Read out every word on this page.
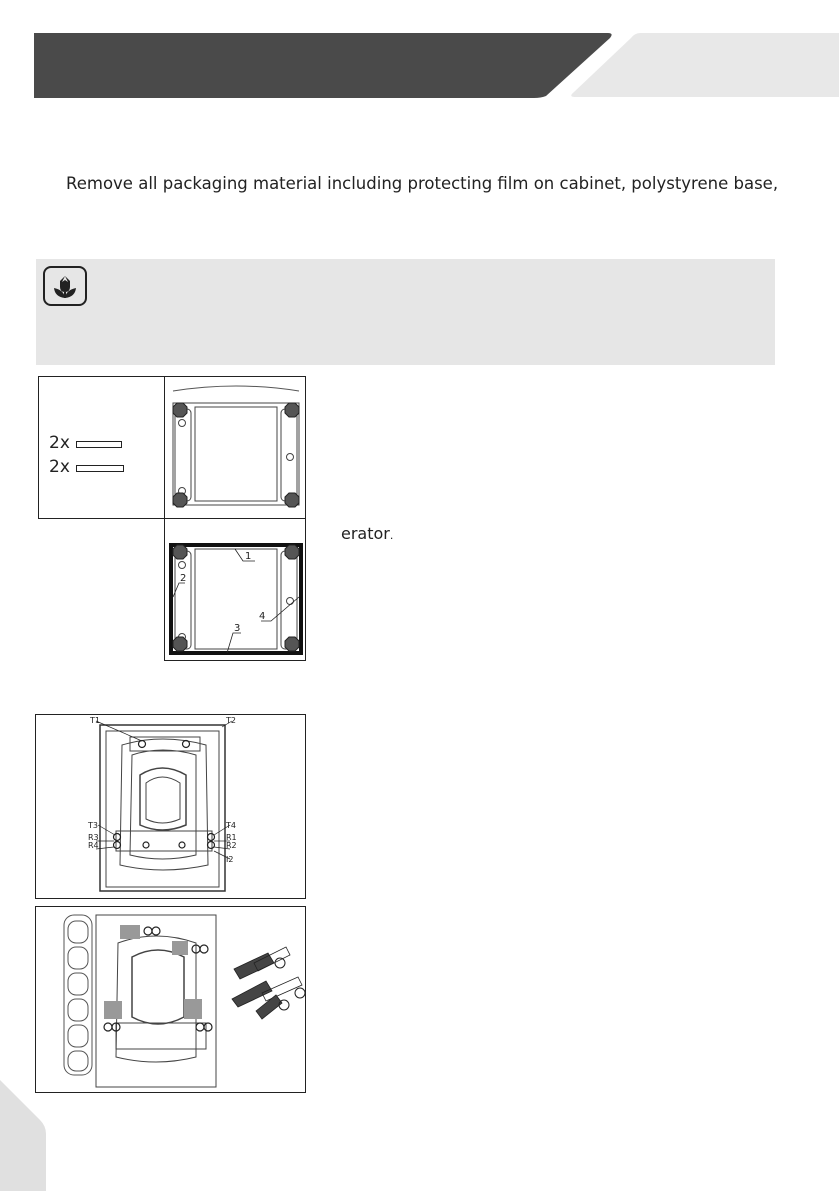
Remove all packaging material including protecting film on cabinet, polystyrene base,
2x
2x
1
2
3
4
erator.
T1	T2
T3	T4
R3
R4
R1
R2
I2
